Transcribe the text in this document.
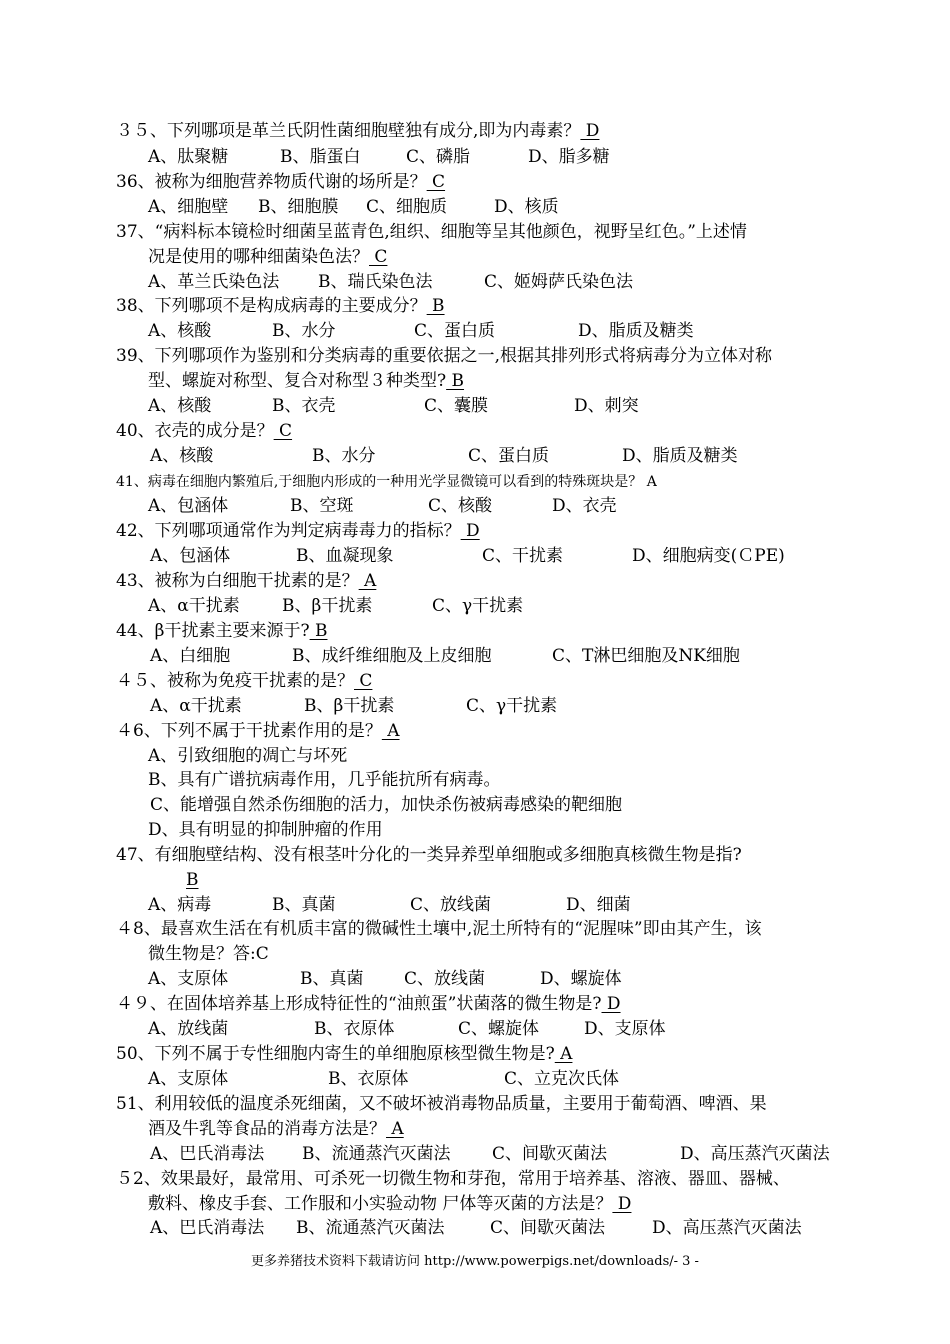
３５、下列哪项是革兰氏阴性菌细胞壁独有成分,即为内毒素？ D
A、肽聚糖	B、脂蛋白	C、磷脂	D、脂多糖
36、被称为细胞营养物质代谢的场所是？ C
A、细胞壁 B、细胞膜 C、细胞质	D、核质
37、“病料标本镜检时细菌呈蓝青色,组织、细胞等呈其他颜色，视野呈红色。”上述情
况是使用的哪种细菌染色法？ C
A、革兰氏染色法 B、瑞氏染色法	C、姬姆萨氏染色法
38、下列哪项不是构成病毒的主要成分？ B
A、核酸	B、水分	C、蛋白质	D、脂质及糖类
39、下列哪项作为鉴别和分类病毒的重要依据之一,根据其排列形式将病毒分为立体对称
型、螺旋对称型、复合对称型３种类型? B
A、核酸	B、衣壳	C、囊膜	D、刺突
40、衣壳的成分是？ C
A、核酸	B、水分	C、蛋白质	D、脂质及糖类
41、病毒在细胞内繁殖后,于细胞内形成的一种用光学显微镜可以看到的特殊斑块是？ A
A、包涵体	B、空斑	C、核酸	D、衣壳
42、下列哪项通常作为判定病毒毒力的指标？ D
A、包涵体	B、血凝现象	C、干扰素	D、细胞病变(ＣPE)
43、被称为白细胞干扰素的是？ A
A、α干扰素 B、β干扰素	C、γ干扰素
44、β干扰素主要来源于? B
A、白细胞	B、成纤维细胞及上皮细胞	C、T淋巴细胞及NK细胞
４５、被称为免疫干扰素的是？ C
A、α干扰素	B、β干扰素	C、γ干扰素
４6、下列不属于干扰素作用的是？ A
A、引致细胞的凋亡与坏死
B、具有广谱抗病毒作用，几乎能抗所有病毒。
C、能增强自然杀伤细胞的活力，加快杀伤被病毒感染的靶细胞
D、具有明显的抑制肿瘤的作用
47、有细胞壁结构、没有根茎叶分化的一类异养型单细胞或多细胞真核微生物是指?
B
A、病毒	B、真菌	C、放线菌	D、细菌
４8、最喜欢生活在有机质丰富的微碱性土壤中,泥土所特有的“泥腥味”即由其产生，该
微生物是？答:C
A、支原体	B、真菌 C、放线菌	D、螺旋体
４９、在固体培养基上形成特征性的“油煎蛋”状菌落的微生物是? D
A、放线菌	B、衣原体	C、螺旋体	D、支原体
50、下列不属于专性细胞内寄生的单细胞原核型微生物是? A
A、支原体	B、衣原体	C、立克次氏体
51、利用较低的温度杀死细菌，又不破坏被消毒物品质量，主要用于葡萄酒、啤酒、果
酒及牛乳等食品的消毒方法是？ A
A、巴氏消毒法 B、流通蒸汽灭菌法 C、间歇灭菌法	D、高压蒸汽灭菌法
５2、效果最好，最常用、可杀死一切微生物和芽孢，常用于培养基、溶液、器皿、器械、
敷料、橡皮手套、工作服和小实验动物 尸体等灭菌的方法是？ D
A、巴氏消毒法 B、流通蒸汽灭菌法	C、间歇灭菌法	D、高压蒸汽灭菌法
更多养猪技术资料下载请访问 http://www.powerpigs.net/downloads/- 3 -
